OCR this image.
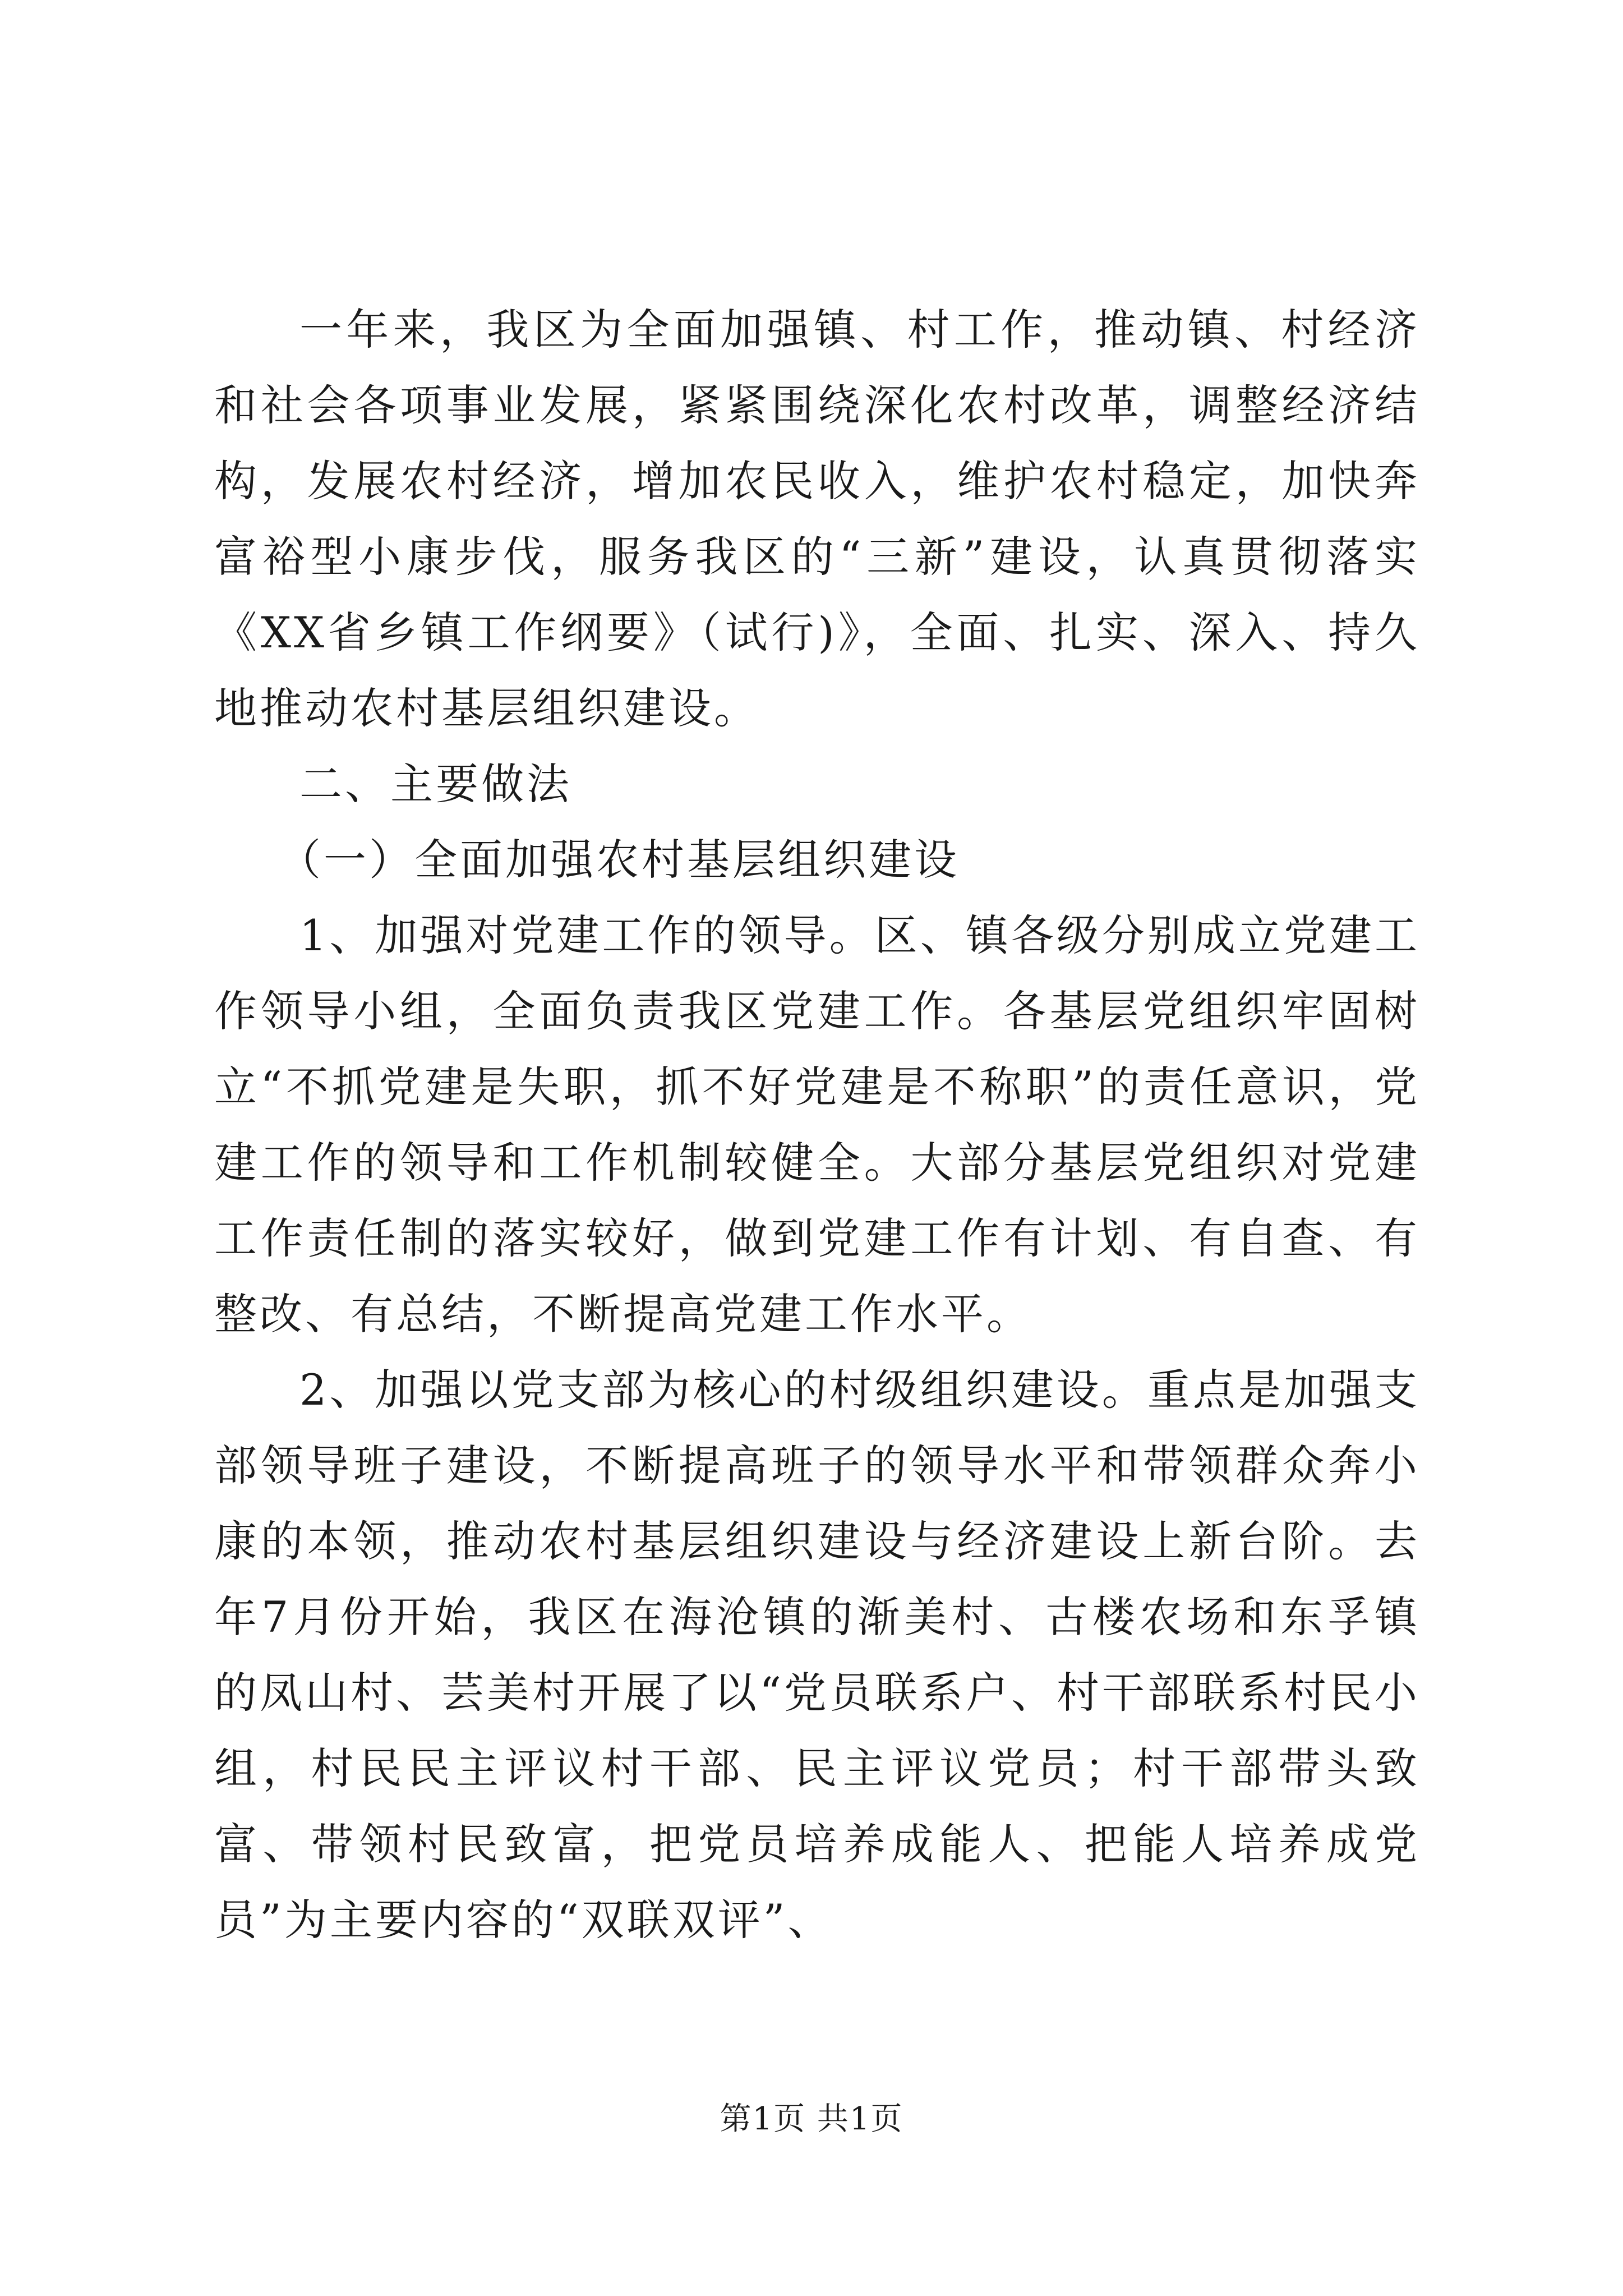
一年来，我区为全面加强镇、村工作，推动镇、村经济和社会各项事业发展，紧紧围绕深化农村改革，调整经济结构，发展农村经济，增加农民收入，维护农村稳定，加快奔富裕型小康步伐，服务我区的“三新”建设，认真贯彻落实《XX省乡镇工作纲要》（试行)》，全面、扎实、深入、持久地推动农村基层组织建设。

二、主要做法

（一）全面加强农村基层组织建设

1、加强对党建工作的领导。区、镇各级分别成立党建工作领导小组，全面负责我区党建工作。各基层党组织牢固树立“不抓党建是失职，抓不好党建是不称职”的责任意识，党建工作的领导和工作机制较健全。大部分基层党组织对党建工作责任制的落实较好，做到党建工作有计划、有自查、有整改、有总结，不断提高党建工作水平。

2、加强以党支部为核心的村级组织建设。重点是加强支部领导班子建设，不断提高班子的领导水平和带领群众奔小康的本领，推动农村基层组织建设与经济建设上新台阶。去年7月份开始，我区在海沧镇的渐美村、古楼农场和东孚镇的凤山村、芸美村开展了以“党员联系户、村干部联系村民小组，村民民主评议村干部、民主评议党员；村干部带头致富、带领村民致富，把党员培养成能人、把能人培养成党员”为主要内容的“双联双评”、

第1页 共1页
